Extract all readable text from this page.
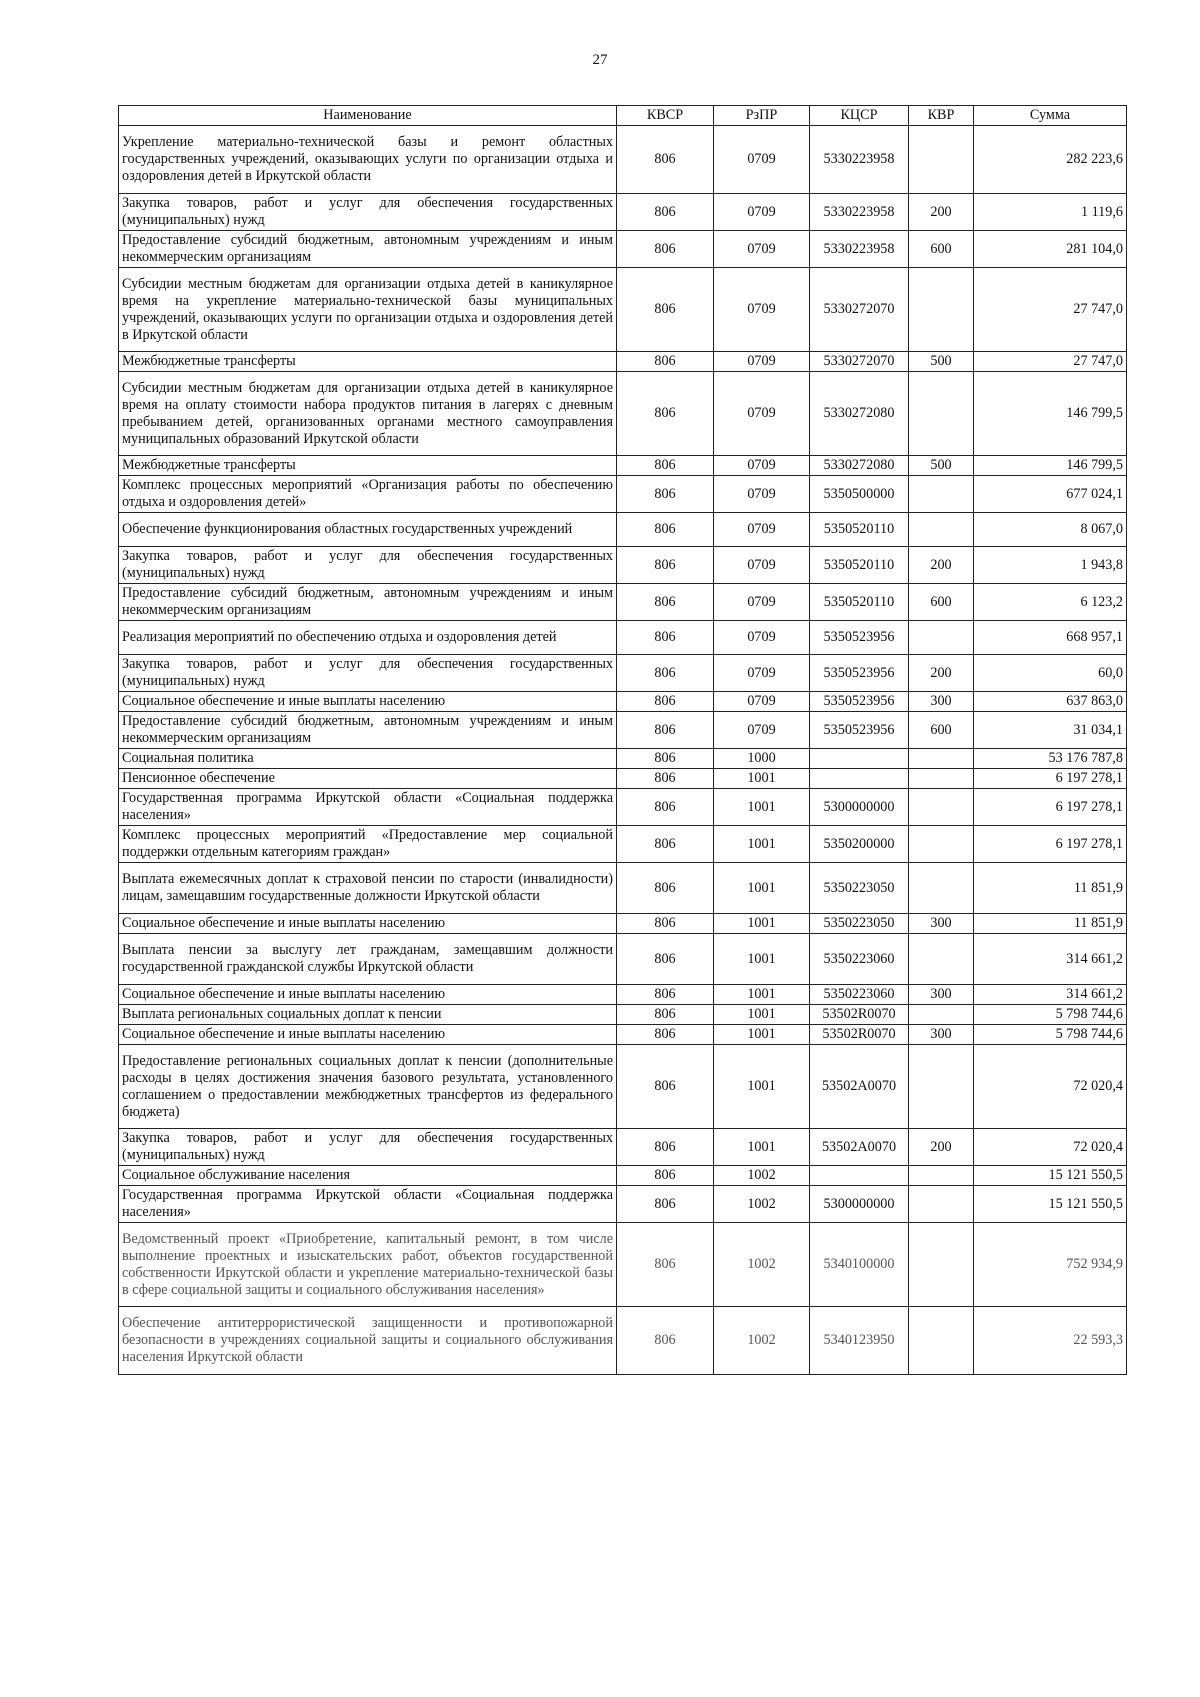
27
Наименование	КВСР	РзПР	КЦСР	КВР	Сумма
Укрепление материально-технической базы и ремонт областных государственных учреждений, оказывающих услуги по организации отдыха и оздоровления детей в Иркутской области	806	0709	5330223958		282 223,6
Закупка товаров, работ и услуг для обеспечения государственных (муниципальных) нужд	806	0709	5330223958	200	1 119,6
Предоставление субсидий бюджетным, автономным учреждениям и иным некоммерческим организациям	806	0709	5330223958	600	281 104,0
Субсидии местным бюджетам для организации отдыха детей в каникулярное время на укрепление материально-технической базы муниципальных учреждений, оказывающих услуги по организации отдыха и оздоровления детей в Иркутской области	806	0709	5330272070		27 747,0
Межбюджетные трансферты	806	0709	5330272070	500	27 747,0
Субсидии местным бюджетам для организации отдыха детей в каникулярное время на оплату стоимости набора продуктов питания в лагерях с дневным пребыванием детей, организованных органами местного самоуправления муниципальных образований Иркутской области	806	0709	5330272080		146 799,5
Межбюджетные трансферты	806	0709	5330272080	500	146 799,5
Комплекс процессных мероприятий «Организация работы по обеспечению отдыха и оздоровления детей»	806	0709	5350500000		677 024,1
Обеспечение функционирования областных государственных учреждений	806	0709	5350520110		8 067,0
Закупка товаров, работ и услуг для обеспечения государственных (муниципальных) нужд	806	0709	5350520110	200	1 943,8
Предоставление субсидий бюджетным, автономным учреждениям и иным некоммерческим организациям	806	0709	5350520110	600	6 123,2
Реализация мероприятий по обеспечению отдыха и оздоровления детей	806	0709	5350523956		668 957,1
Закупка товаров, работ и услуг для обеспечения государственных (муниципальных) нужд	806	0709	5350523956	200	60,0
Социальное обеспечение и иные выплаты населению	806	0709	5350523956	300	637 863,0
Предоставление субсидий бюджетным, автономным учреждениям и иным некоммерческим организациям	806	0709	5350523956	600	31 034,1
Социальная политика	806	1000			53 176 787,8
Пенсионное обеспечение	806	1001			6 197 278,1
Государственная программа Иркутской области «Социальная поддержка населения»	806	1001	5300000000		6 197 278,1
Комплекс процессных мероприятий «Предоставление мер социальной поддержки отдельным категориям граждан»	806	1001	5350200000		6 197 278,1
Выплата ежемесячных доплат к страховой пенсии по старости (инвалидности) лицам, замещавшим государственные должности Иркутской области	806	1001	5350223050		11 851,9
Социальное обеспечение и иные выплаты населению	806	1001	5350223050	300	11 851,9
Выплата пенсии за выслугу лет гражданам, замещавшим должности государственной гражданской службы Иркутской области	806	1001	5350223060		314 661,2
Социальное обеспечение и иные выплаты населению	806	1001	5350223060	300	314 661,2
Выплата региональных социальных доплат к пенсии	806	1001	53502R0070		5 798 744,6
Социальное обеспечение и иные выплаты населению	806	1001	53502R0070	300	5 798 744,6
Предоставление региональных социальных доплат к пенсии (дополнительные расходы в целях достижения значения базового результата, установленного соглашением о предоставлении межбюджетных трансфертов из федерального бюджета)	806	1001	53502A0070		72 020,4
Закупка товаров, работ и услуг для обеспечения государственных (муниципальных) нужд	806	1001	53502A0070	200	72 020,4
Социальное обслуживание населения	806	1002			15 121 550,5
Государственная программа Иркутской области «Социальная поддержка населения»	806	1002	5300000000		15 121 550,5
Ведомственный проект «Приобретение, капитальный ремонт, в том числе выполнение проектных и изыскательских работ, объектов государственной собственности Иркутской области и укрепление материально-технической базы в сфере социальной защиты и социального обслуживания населения»	806	1002	5340100000		752 934,9
Обеспечение антитеррористической защищенности и противопожарной безопасности в учреждениях социальной защиты и социального обслуживания населения Иркутской области	806	1002	5340123950		22 593,3
